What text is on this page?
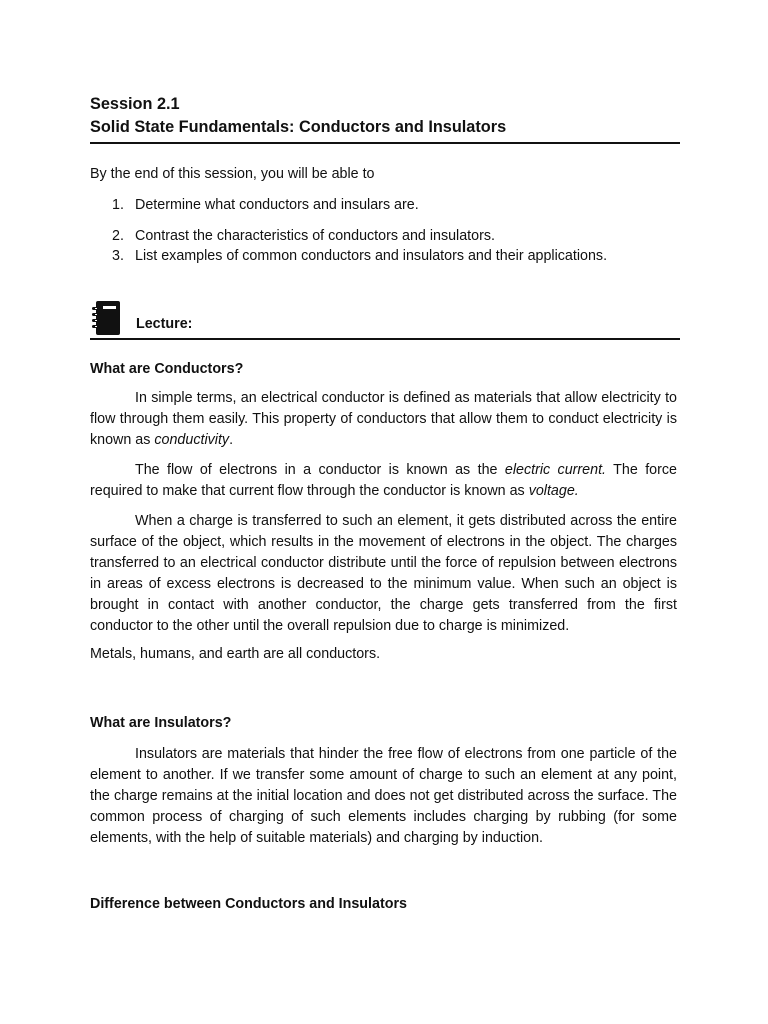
Session 2.1
Solid State Fundamentals: Conductors and Insulators
By the end of this session, you will be able to
1. Determine what conductors and insulars are.
2. Contrast the characteristics of conductors and insulators.
3. List examples of common conductors and insulators and their applications.
Lecture:
What are Conductors?

In simple terms, an electrical conductor is defined as materials that allow electricity to flow through them easily. This property of conductors that allow them to conduct electricity is known as conductivity.

The flow of electrons in a conductor is known as the electric current. The force required to make that current flow through the conductor is known as voltage.

When a charge is transferred to such an element, it gets distributed across the entire surface of the object, which results in the movement of electrons in the object. The charges transferred to an electrical conductor distribute until the force of repulsion between electrons in areas of excess electrons is decreased to the minimum value. When such an object is brought in contact with another conductor, the charge gets transferred from the first conductor to the other until the overall repulsion due to charge is minimized.

Metals, humans, and earth are all conductors.

What are Insulators?

Insulators are materials that hinder the free flow of electrons from one particle of the element to another. If we transfer some amount of charge to such an element at any point, the charge remains at the initial location and does not get distributed across the surface. The common process of charging of such elements includes charging by rubbing (for some elements, with the help of suitable materials) and charging by induction.

Difference between Conductors and Insulators
